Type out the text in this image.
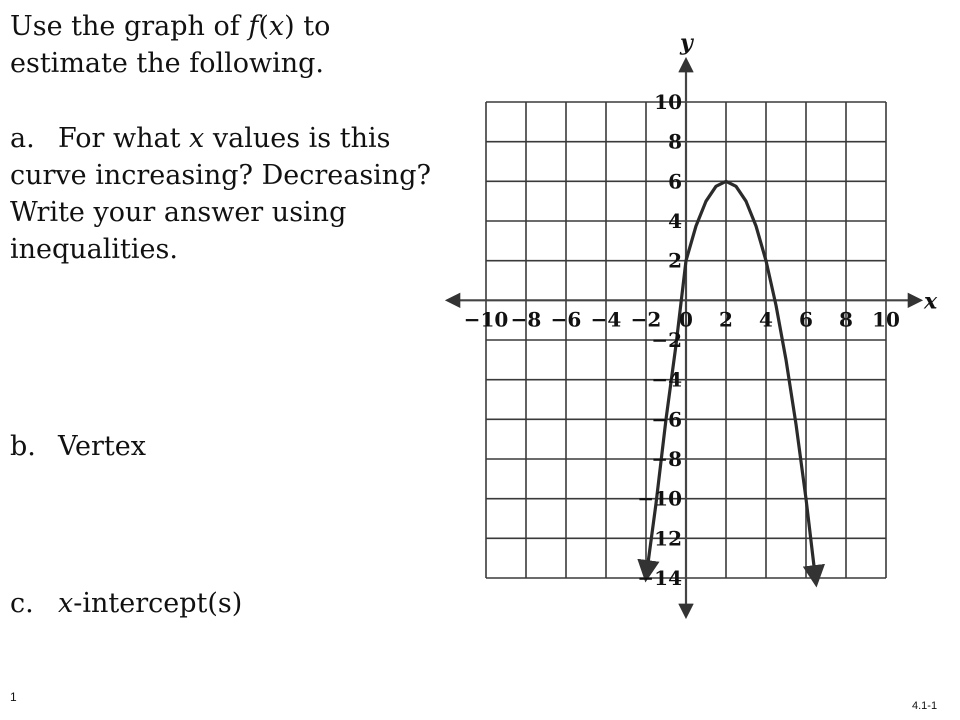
Use the graph of f(x) to

estimate the following.

a. For what x values is this curve increasing? Decreasing? Write your answer using inequalities.
b. Vertex
c. x-intercept(s)
x
y
−10 −8 −6 −4 −2 0 2 4 6 8 10
10
8
6
4
2
−2
−4
−6
−8
−10
12
−14
1
4.1-1
